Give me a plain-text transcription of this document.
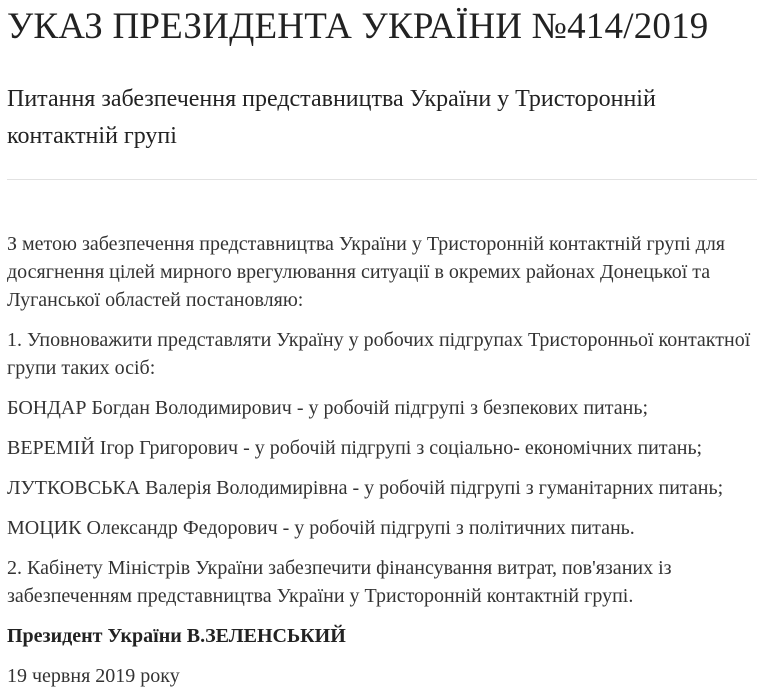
УКАЗ ПРЕЗИДЕНТА УКРАЇНИ №414/2019
Питання забезпечення представництва України у Тристоронній контактній групі

З метою забезпечення представництва України у Тристоронній контактній групі для досягнення цілей мирного врегулювання ситуації в окремих районах Донецької та Луганської областей постановляю:

1. Уповноважити представляти Україну у робочих підгрупах Тристоронньої контактної групи таких осіб:

БОНДАР Богдан Володимирович - у робочій підгрупі з безпекових питань;

ВЕРЕМІЙ Ігор Григорович - у робочій підгрупі з соціально- економічних питань;

ЛУТКОВСЬКА Валерія Володимирівна - у робочій підгрупі з гуманітарних питань;

МОЦИК Олександр Федорович - у робочій підгрупі з політичних питань.

2. Кабінету Міністрів України забезпечити фінансування витрат, пов'язаних із забезпеченням представництва України у Тристоронній контактній групі.

Президент України В.ЗЕЛЕНСЬКИЙ

19 червня 2019 року
